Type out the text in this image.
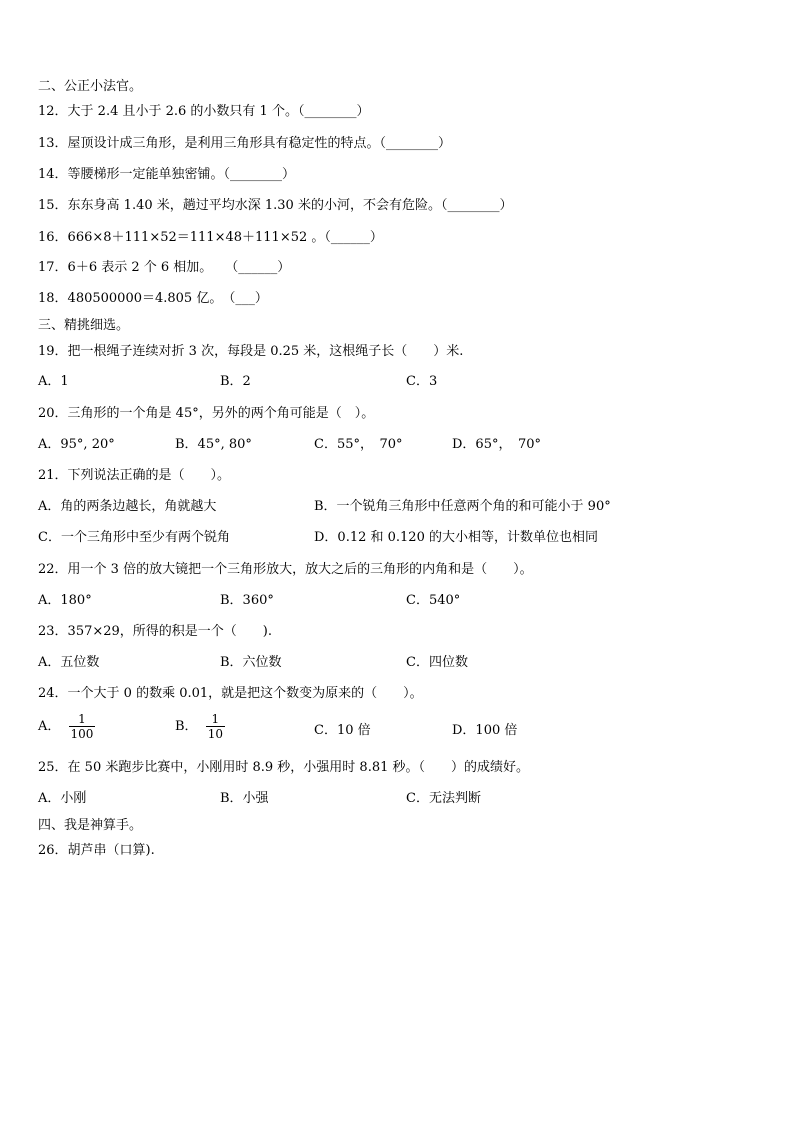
二、公正小法官。
12．大于 2.4 且小于 2.6 的小数只有 1 个。（________）
13．屋顶设计成三角形，是利用三角形具有稳定性的特点。（________）
14．等腰梯形一定能单独密铺。（________）
15．东东身高 1.40 米，趟过平均水深 1.30 米的小河，不会有危险。（________）
16．666×8＋111×52＝111×48＋111×52 。（______）
17．6＋6 表示 2 个 6 相加。　　（______）
18．480500000＝4.805 亿。　（___）
三、精挑细选。
19．把一根绳子连续对折 3 次，每段是 0.25 米，这根绳子长（　　）米.
A．1	B．2	C．3
20．三角形的一个角是 45°，另外的两个角可能是（　）。
A．95°, 20°	B．45°, 80°	C．55°，　70°	D．65°，　70°
21．下列说法正确的是（　　）。
A．角的两条边越长，角就越大	B．一个锐角三角形中任意两个角的和可能小于 90°
C．一个三角形中至少有两个锐角	D．0.12 和 0.120 的大小相等，计数单位也相同
22．用一个 3 倍的放大镜把一个三角形放大，放大之后的三角形的内角和是（　　）。
A．180°	B．360°	C．540°
23．357×29，所得的积是一个（　　).
A．五位数	B．六位数	C．四位数
24．一个大于 0 的数乘 0.01，就是把这个数变为原来的（　　）。
A． $\frac{1}{100}$	B． $\frac{1}{10}$	C．10 倍	D．100 倍
25．在 50 米跑步比赛中，小刚用时 8.9 秒，小强用时 8.81 秒。（　　）的成绩好。
A．小刚	B．小强	C．无法判断
四、我是神算手。
26．胡芦串（口算).
